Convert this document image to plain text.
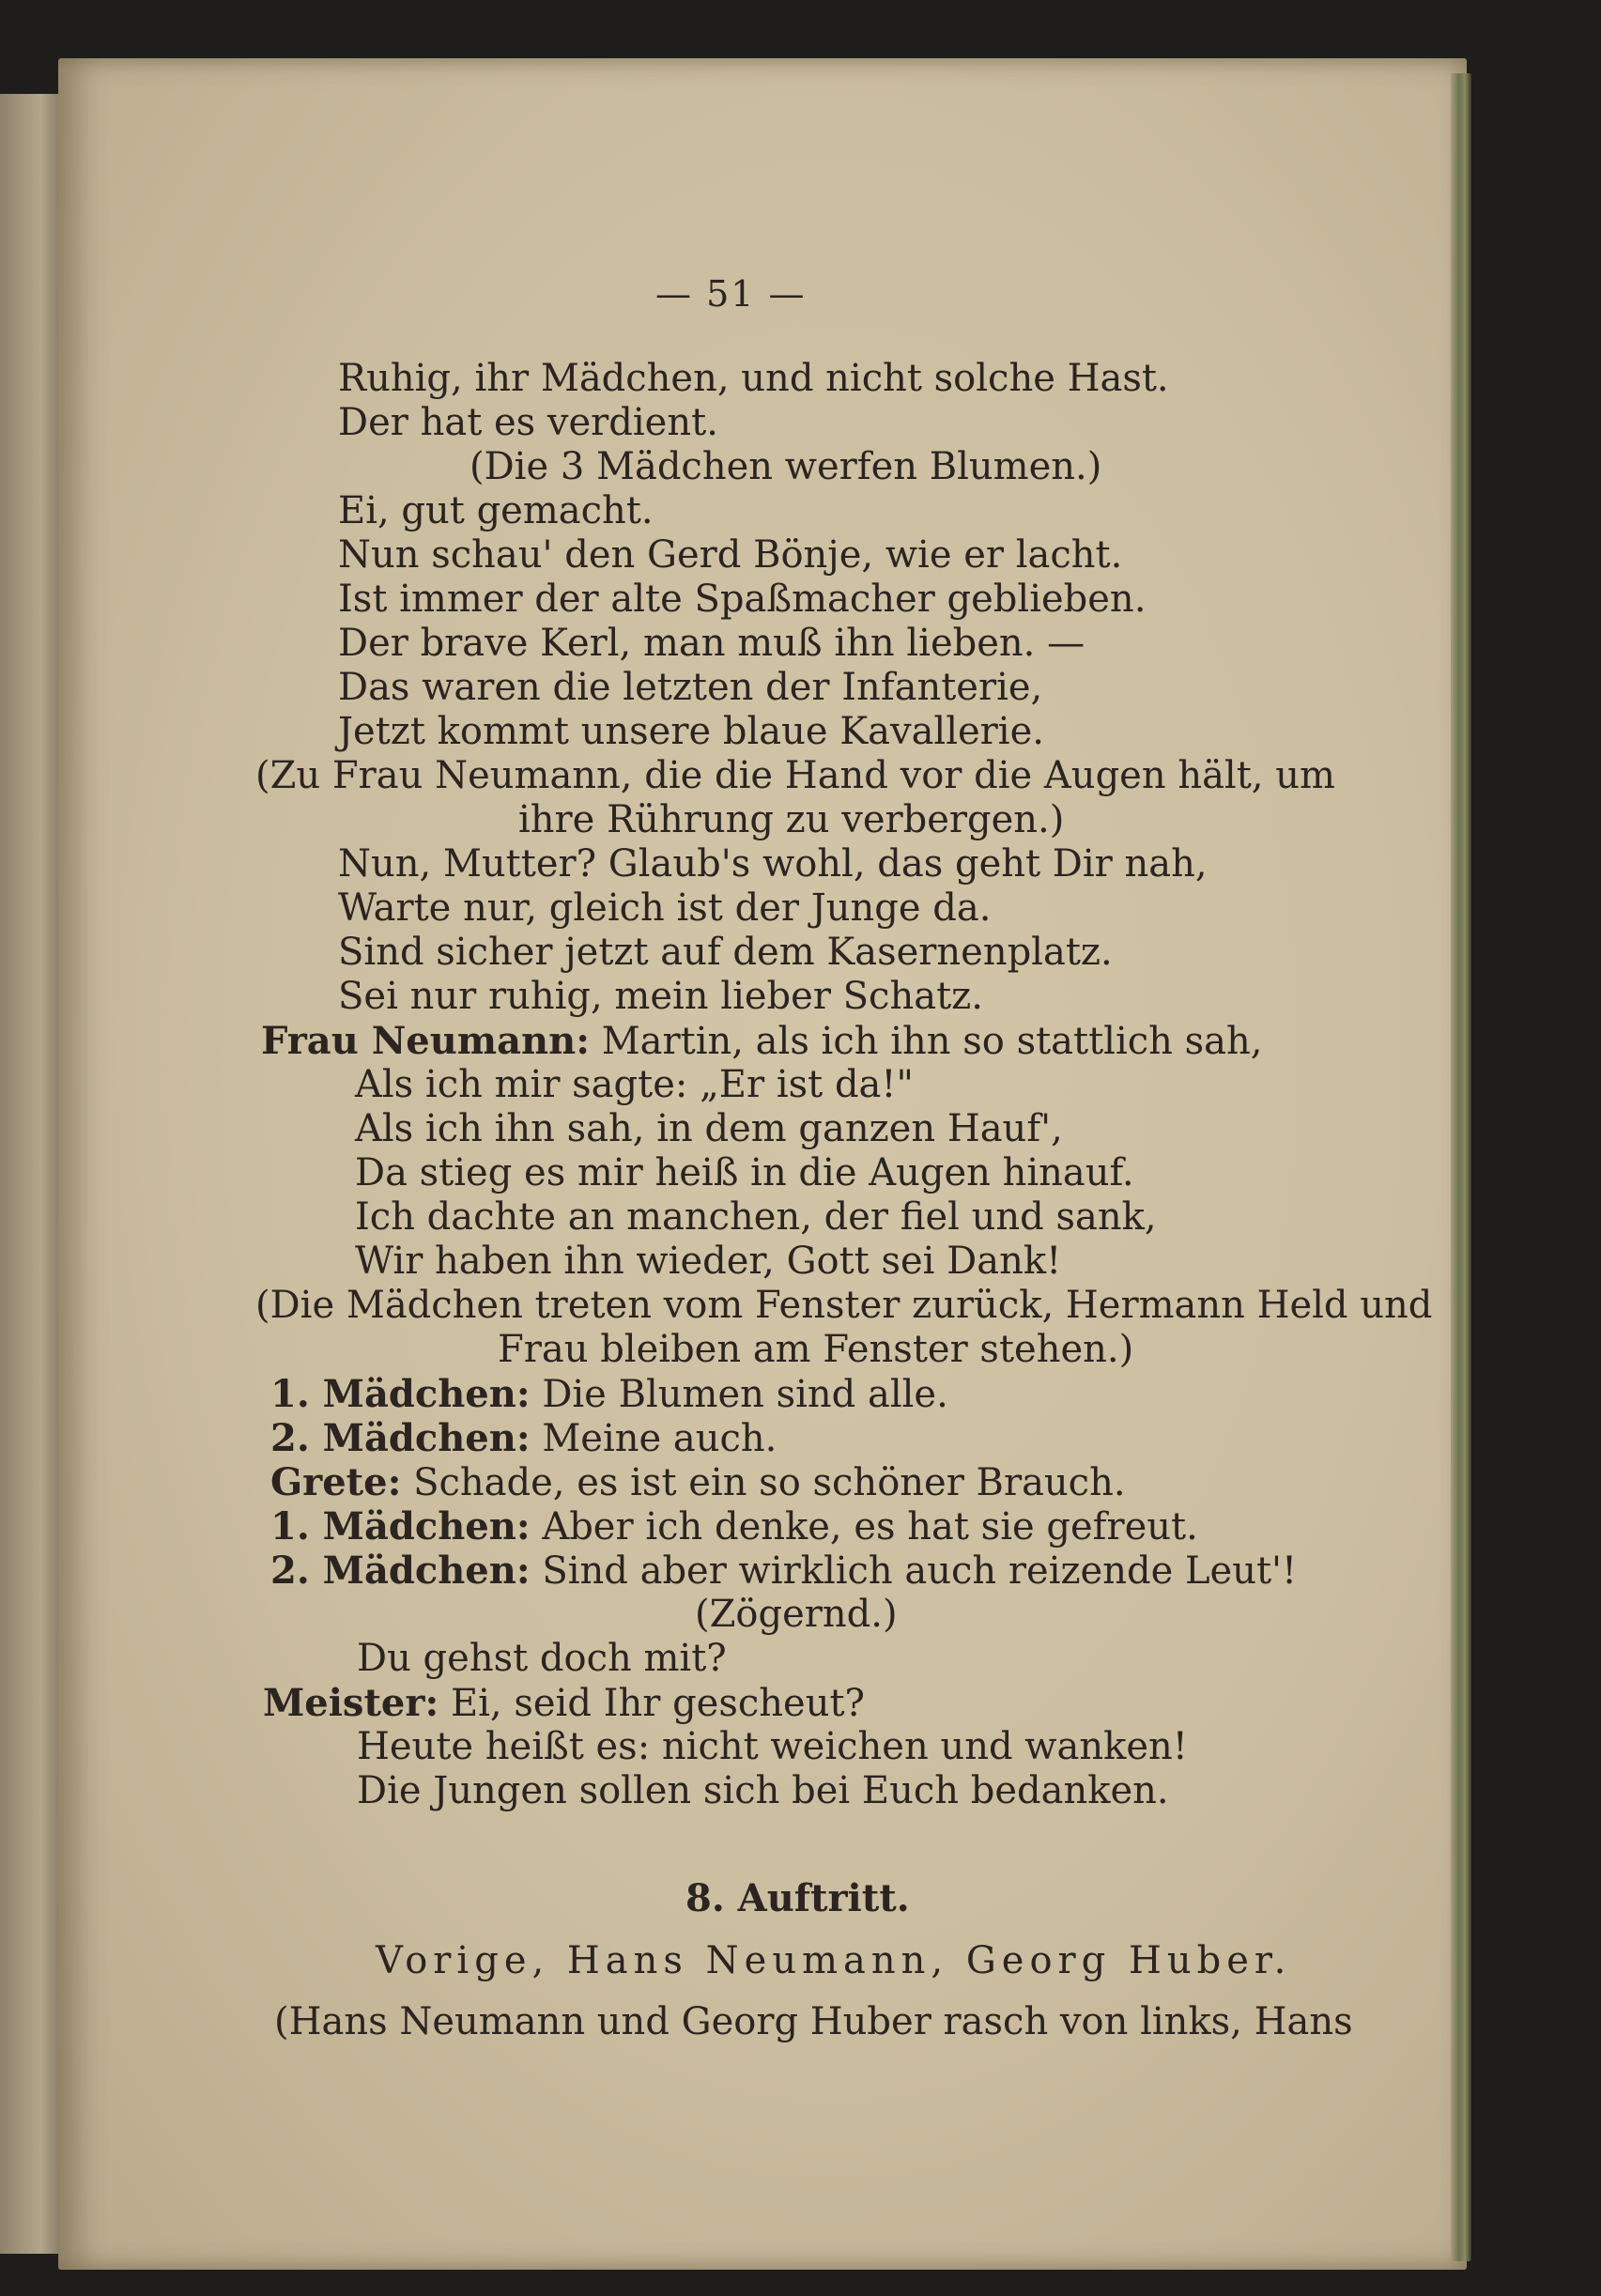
— 51 —
Ruhig, ihr Mädchen, und nicht solche Hast.
Der hat es verdient.
(Die 3 Mädchen werfen Blumen.)
Ei, gut gemacht.
Nun schau' den Gerd Bönje, wie er lacht.
Ist immer der alte Spaßmacher geblieben.
Der brave Kerl, man muß ihn lieben. —
Das waren die letzten der Infanterie,
Jetzt kommt unsere blaue Kavallerie.
(Zu Frau Neumann, die die Hand vor die Augen hält, um
ihre Rührung zu verbergen.)
Nun, Mutter? Glaub's wohl, das geht Dir nah,
Warte nur, gleich ist der Junge da.
Sind sicher jetzt auf dem Kasernenplatz.
Sei nur ruhig, mein lieber Schatz.
Frau Neumann: Martin, als ich ihn so stattlich sah,
Als ich mir sagte: „Er ist da!"
Als ich ihn sah, in dem ganzen Hauf',
Da stieg es mir heiß in die Augen hinauf.
Ich dachte an manchen, der fiel und sank,
Wir haben ihn wieder, Gott sei Dank!
(Die Mädchen treten vom Fenster zurück, Hermann Held und
Frau bleiben am Fenster stehen.)
1. Mädchen: Die Blumen sind alle.
2. Mädchen: Meine auch.
Grete: Schade, es ist ein so schöner Brauch.
1. Mädchen: Aber ich denke, es hat sie gefreut.
2. Mädchen: Sind aber wirklich auch reizende Leut'!
(Zögernd.)
Du gehst doch mit?
Meister: Ei, seid Ihr gescheut?
Heute heißt es: nicht weichen und wanken!
Die Jungen sollen sich bei Euch bedanken.
8. Auftritt.
Vorige, Hans Neumann, Georg Huber.
(Hans Neumann und Georg Huber rasch von links, Hans
